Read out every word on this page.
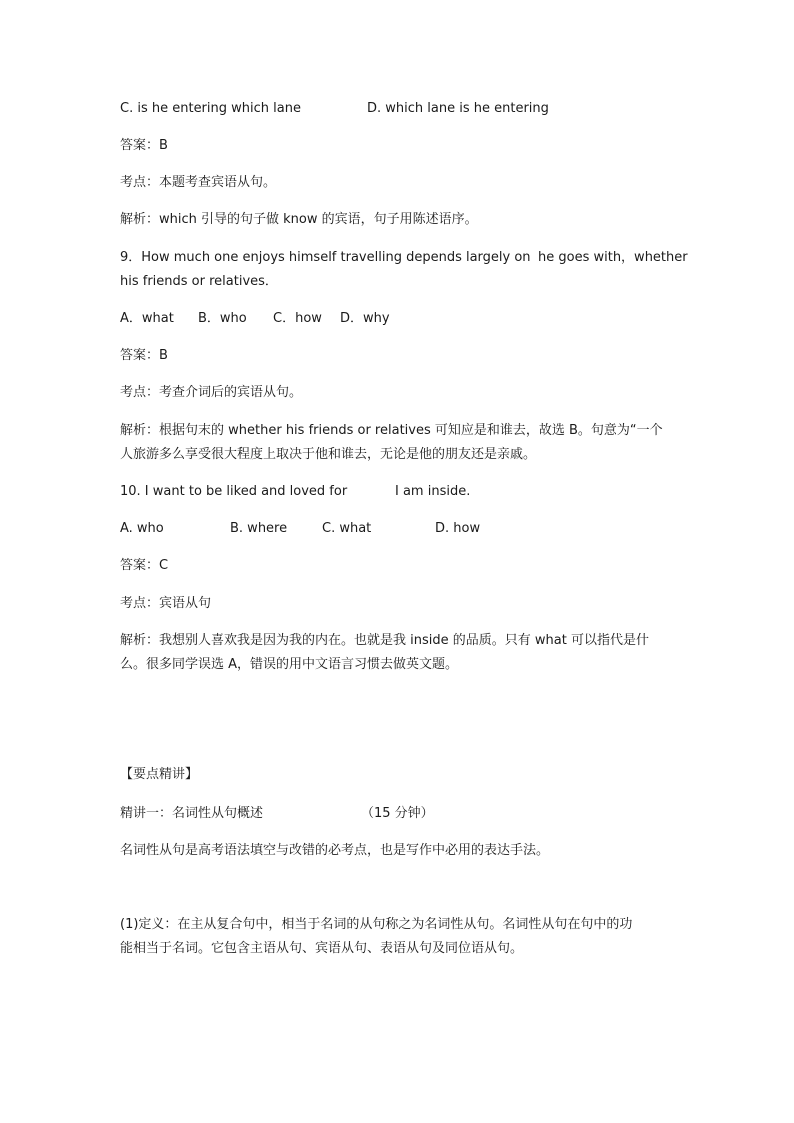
C. is he entering which lane	D. which lane is he entering
答案：B
考点：本题考查宾语从句。
解析：which 引导的句子做 know 的宾语，句子用陈述语序。
9．How much one enjoys himself travelling depends largely on he goes with，whether
his friends or relatives．
A．what B．who C．how D．why
答案：B
考点：考查介词后的宾语从句。
解析：根据句末的 whether his friends or relatives 可知应是和谁去，故选 B。句意为“一个
人旅游多么享受很大程度上取决于他和谁去，无论是他的朋友还是亲戚。
10. I want to be liked and loved for	I am inside.
A. who	B. where	C. what	D. how
答案：C
考点：宾语从句
解析：我想别人喜欢我是因为我的内在。也就是我 inside 的品质。只有 what 可以指代是什
么。很多同学误选 A，错误的用中文语言习惯去做英文题。
【要点精讲】
精讲一：名词性从句概述	（15 分钟）
名词性从句是高考语法填空与改错的必考点，也是写作中必用的表达手法。
(1)定义：在主从复合句中，相当于名词的从句称之为名词性从句。名词性从句在句中的功
能相当于名词。它包含主语从句、宾语从句、表语从句及同位语从句。
